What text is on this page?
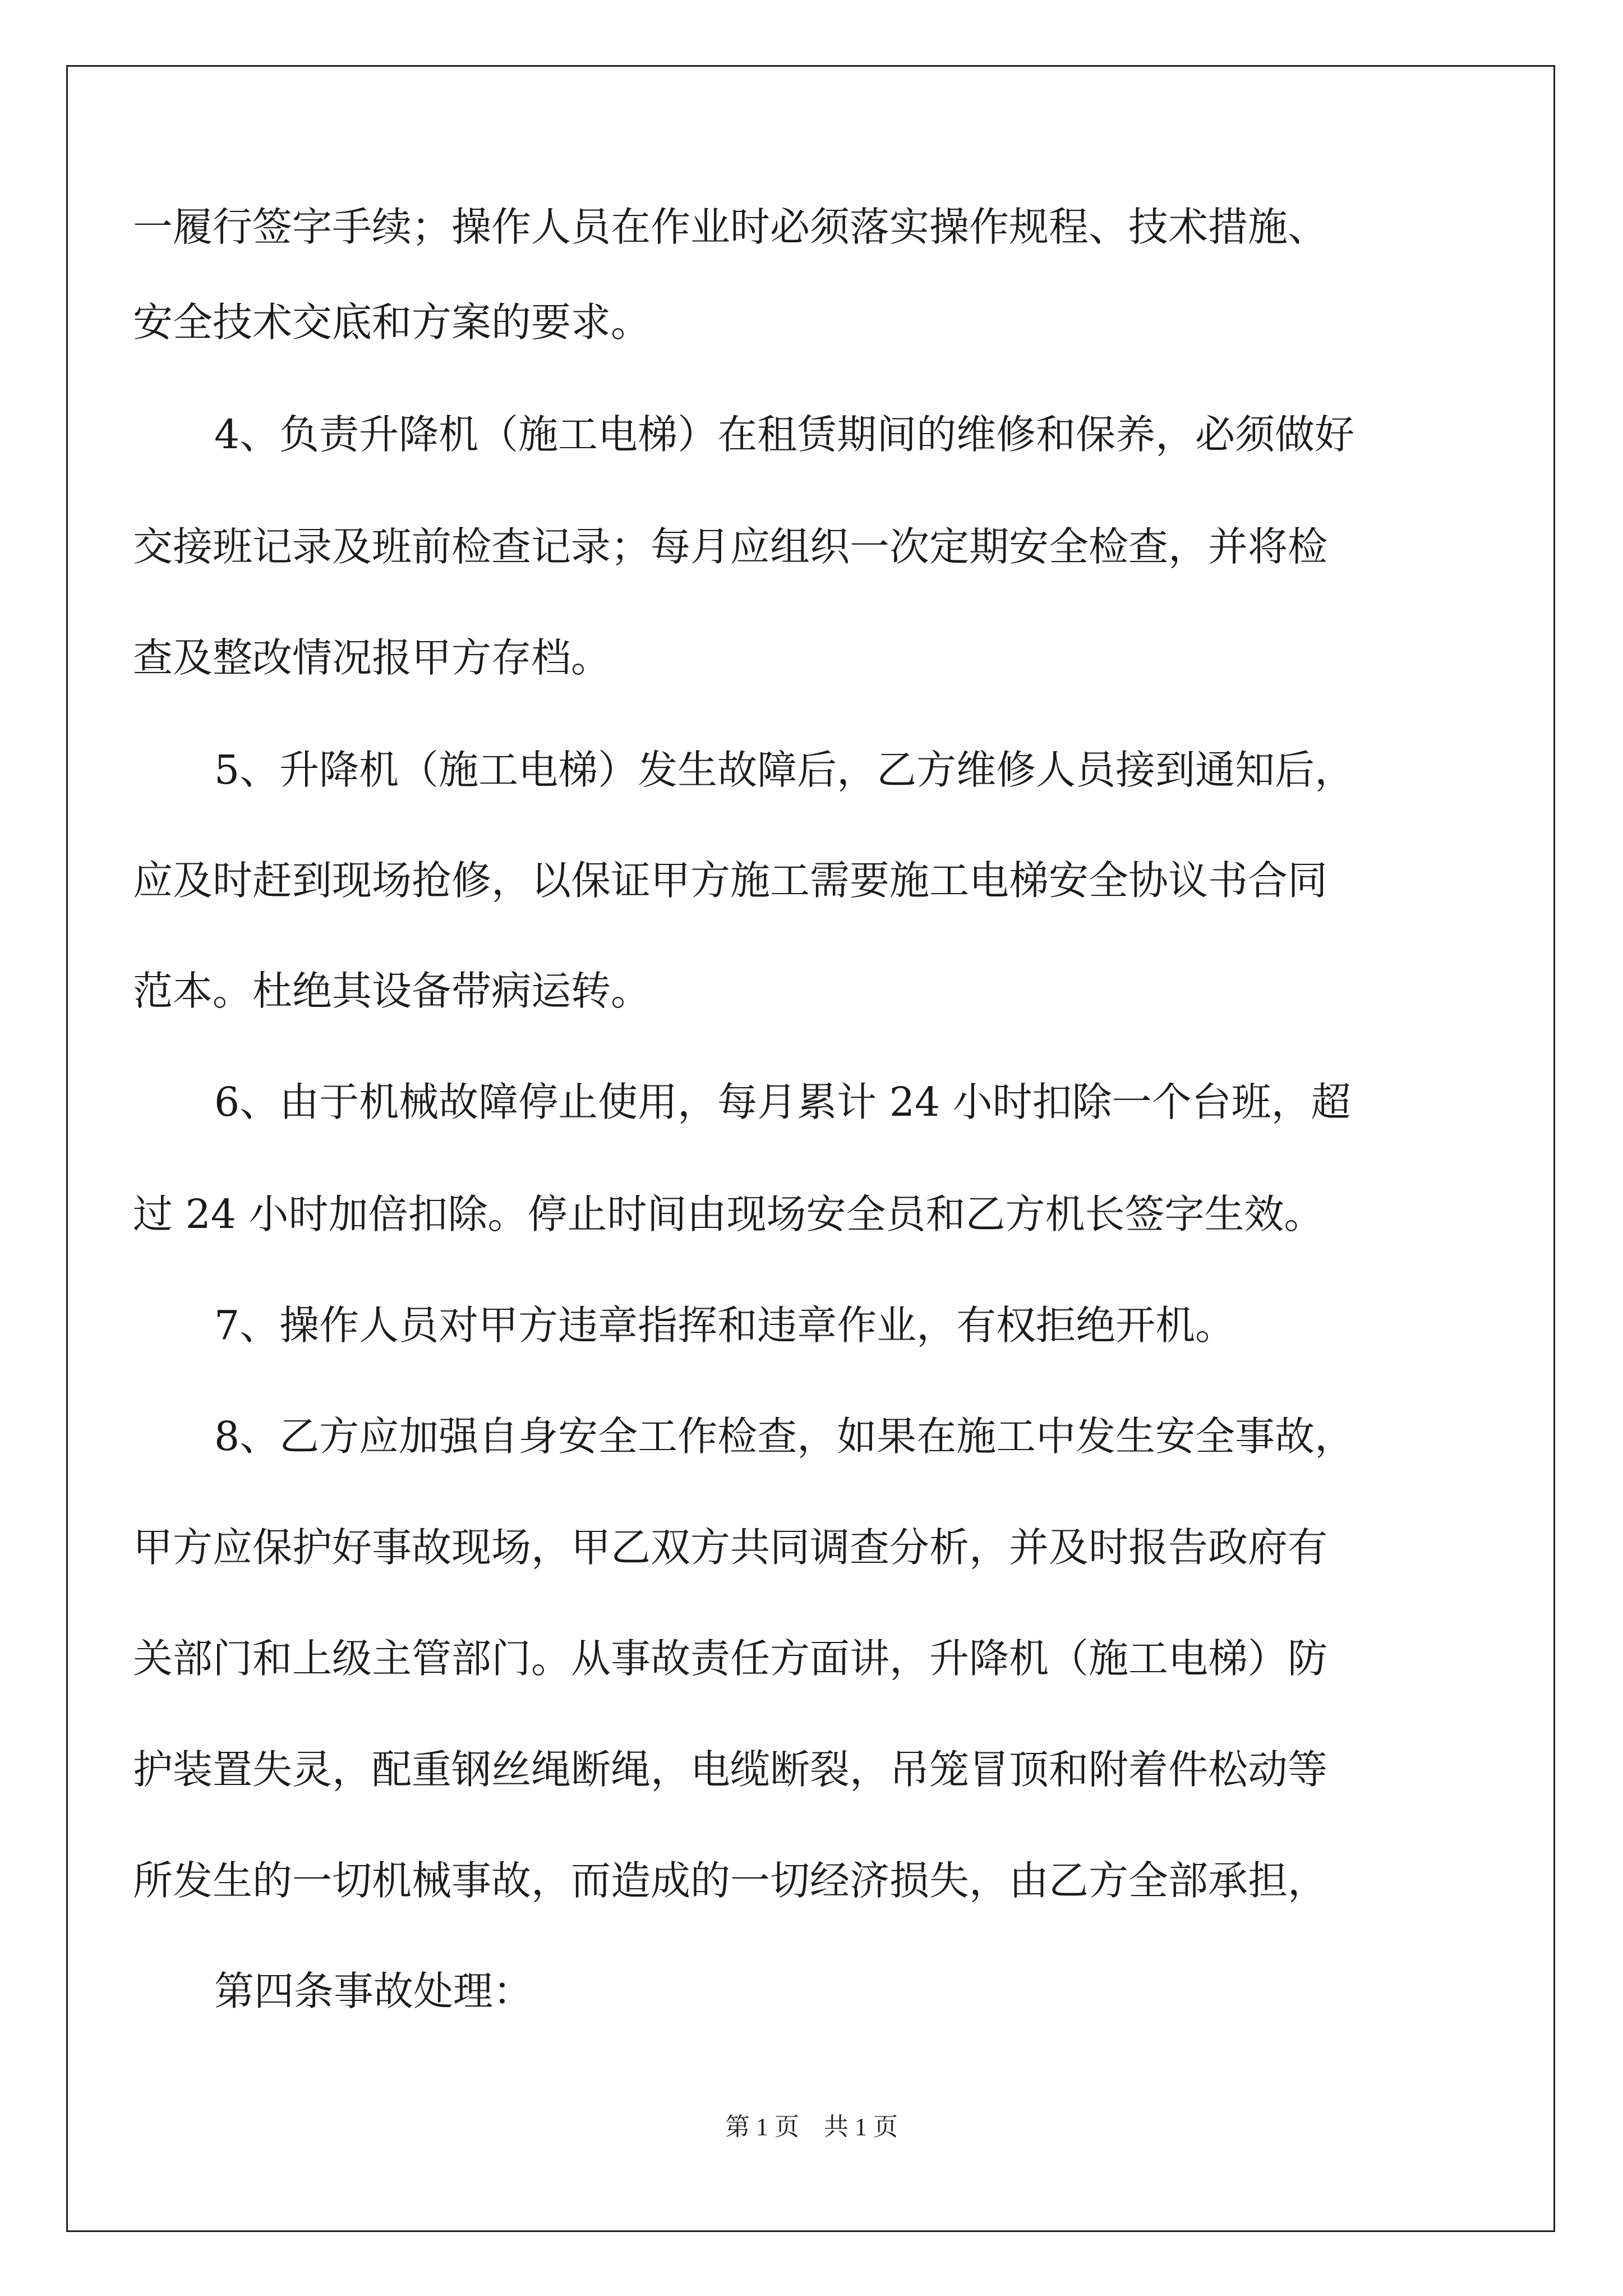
一履行签字手续；操作人员在作业时必须落实操作规程、技术措施、
安全技术交底和方案的要求。
4、负责升降机（施工电梯）在租赁期间的维修和保养，必须做好
交接班记录及班前检查记录；每月应组织一次定期安全检查，并将检
查及整改情况报甲方存档。
5、升降机（施工电梯）发生故障后，乙方维修人员接到通知后，
应及时赶到现场抢修，以保证甲方施工需要施工电梯安全协议书合同
范本。杜绝其设备带病运转。
6、由于机械故障停止使用，每月累计 24 小时扣除一个台班，超
过 24 小时加倍扣除。停止时间由现场安全员和乙方机长签字生效。
7、操作人员对甲方违章指挥和违章作业，有权拒绝开机。
8、乙方应加强自身安全工作检查，如果在施工中发生安全事故，
甲方应保护好事故现场，甲乙双方共同调查分析，并及时报告政府有
关部门和上级主管部门。从事故责任方面讲，升降机（施工电梯）防
护装置失灵，配重钢丝绳断绳，电缆断裂，吊笼冒顶和附着件松动等
所发生的一切机械事故，而造成的一切经济损失，由乙方全部承担，
第四条事故处理：
第 1 页　共 1 页
